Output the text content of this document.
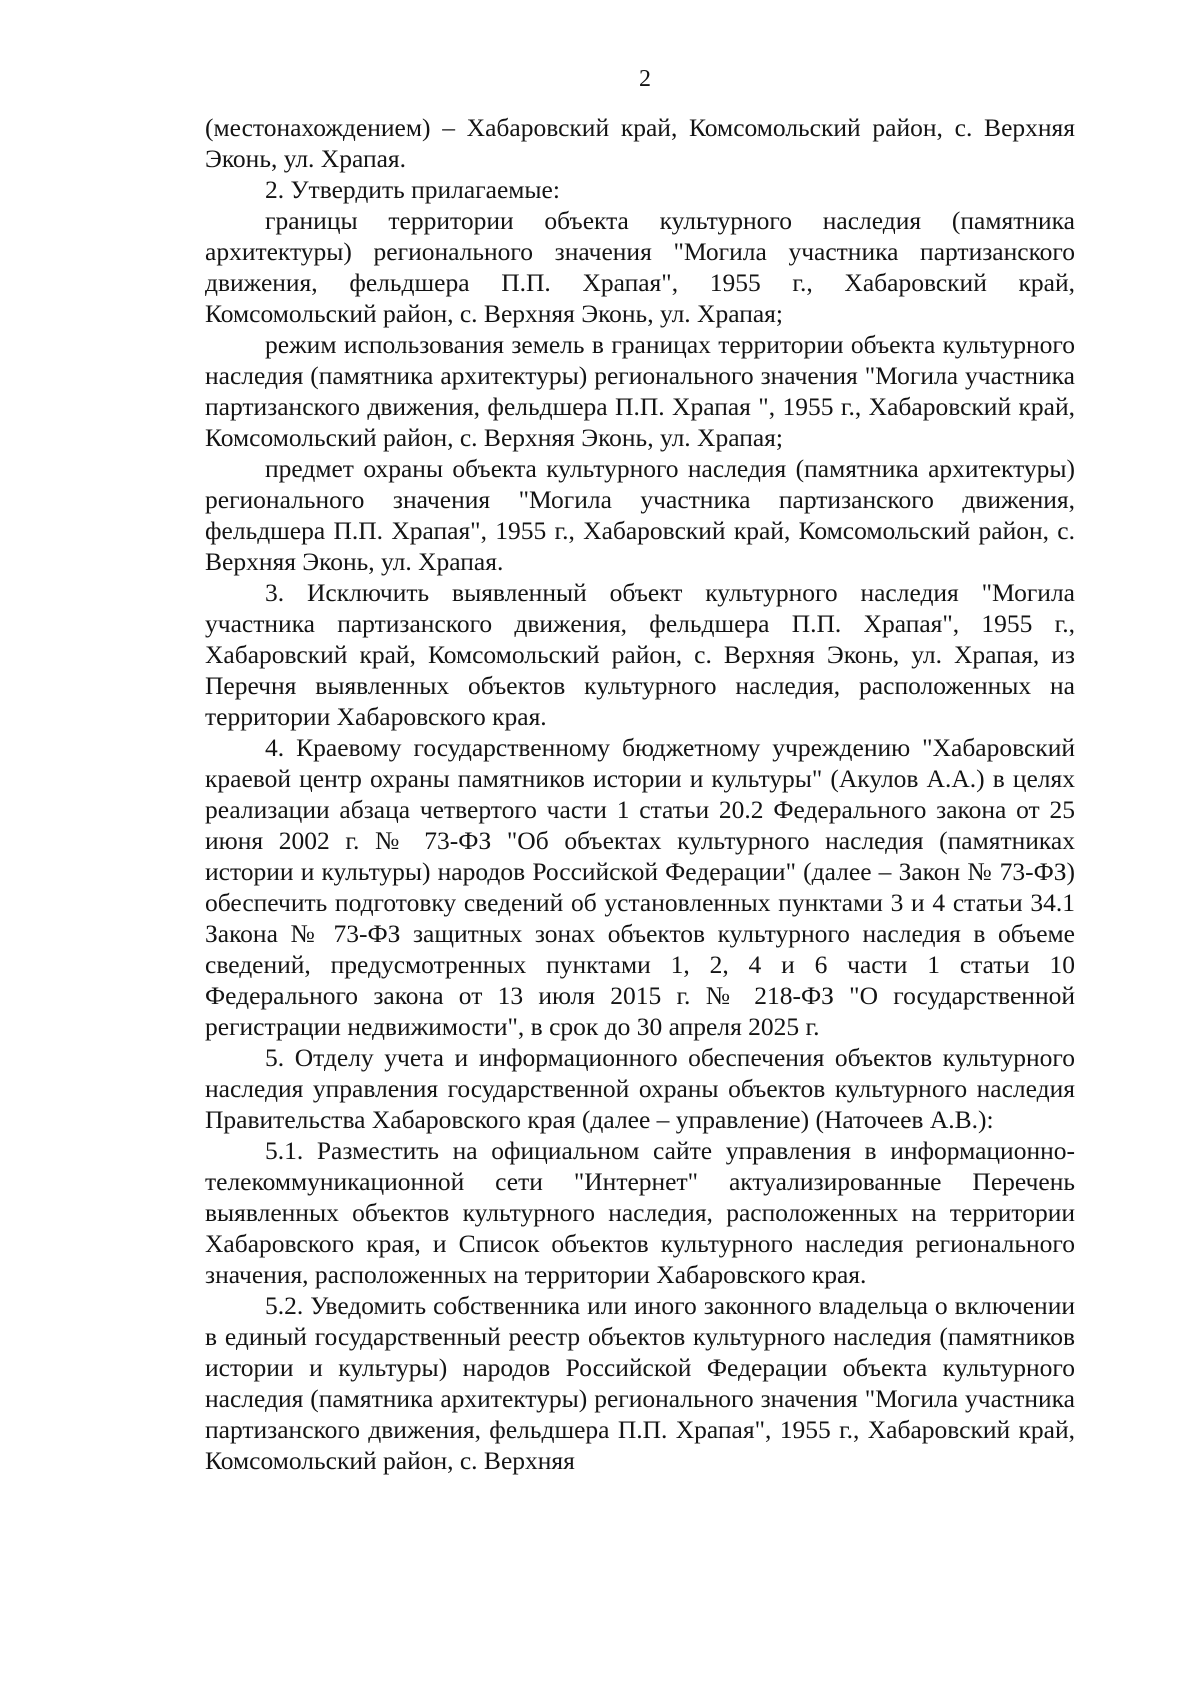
2

(местонахождением) – Хабаровский край, Комсомольский район, с. Верхняя Эконь, ул. Храпая.

2. Утвердить прилагаемые:

границы территории объекта культурного наследия (памятника архитектуры) регионального значения "Могила участника партизанского движения, фельдшера П.П. Храпая", 1955 г., Хабаровский край, Комсомольский район, с. Верхняя Эконь, ул. Храпая;

режим использования земель в границах территории объекта культурного наследия (памятника архитектуры) регионального значения "Могила участника партизанского движения, фельдшера П.П. Храпая ", 1955 г., Хабаровский край, Комсомольский район, с. Верхняя Эконь, ул. Храпая;

предмет охраны объекта культурного наследия (памятника архитектуры) регионального значения "Могила участника партизанского движения, фельдшера П.П. Храпая", 1955 г., Хабаровский край, Комсомольский район, с. Верхняя Эконь, ул. Храпая.

3. Исключить выявленный объект культурного наследия "Могила участника партизанского движения, фельдшера П.П. Храпая", 1955 г., Хабаровский край, Комсомольский район, с. Верхняя Эконь, ул. Храпая, из Перечня выявленных объектов культурного наследия, расположенных на территории Хабаровского края.

4. Краевому государственному бюджетному учреждению "Хабаровский краевой центр охраны памятников истории и культуры" (Акулов А.А.) в целях реализации абзаца четвертого части 1 статьи 20.2 Федерального закона от 25 июня 2002 г. № 73-ФЗ "Об объектах культурного наследия (памятниках истории и культуры) народов Российской Федерации" (далее – Закон № 73-ФЗ) обеспечить подготовку сведений об установленных пунктами 3 и 4 статьи 34.1 Закона № 73-ФЗ защитных зонах объектов культурного наследия в объеме сведений, предусмотренных пунктами 1, 2, 4 и 6 части 1 статьи 10 Федерального закона от 13 июля 2015 г. № 218-ФЗ "О государственной регистрации недвижимости", в срок до 30 апреля 2025 г.

5. Отделу учета и информационного обеспечения объектов культурного наследия управления государственной охраны объектов культурного наследия Правительства Хабаровского края (далее – управление) (Наточеев А.В.):

5.1. Разместить на официальном сайте управления в информационно-телекоммуникационной сети "Интернет" актуализированные Перечень выявленных объектов культурного наследия, расположенных на территории Хабаровского края, и Список объектов культурного наследия регионального значения, расположенных на территории Хабаровского края.

5.2. Уведомить собственника или иного законного владельца о включении в единый государственный реестр объектов культурного наследия (памятников истории и культуры) народов Российской Федерации объекта культурного наследия (памятника архитектуры) регионального значения "Могила участника партизанского движения, фельдшера П.П. Храпая", 1955 г., Хабаровский край, Комсомольский район, с. Верхняя
